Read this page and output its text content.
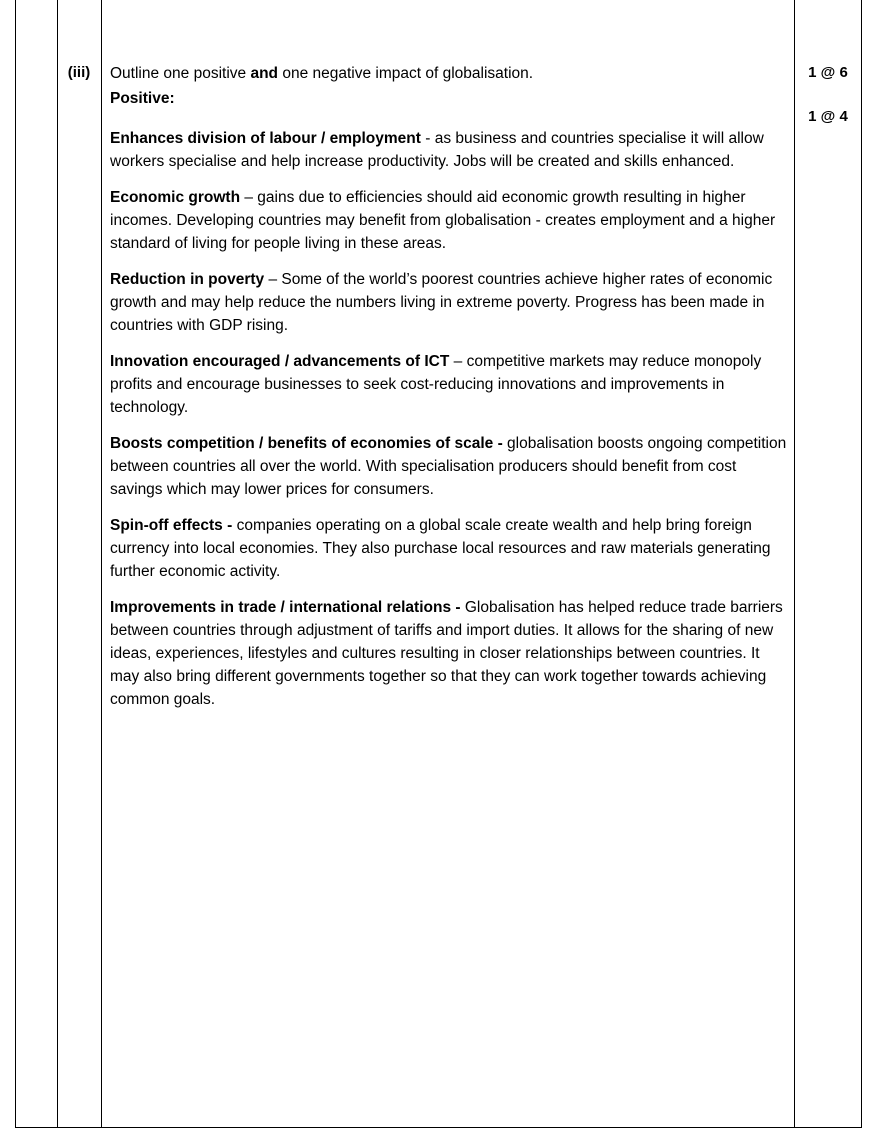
(iii)	1 @ 6
1 @ 4

Outline one positive and one negative impact of globalisation.

Positive:

Enhances division of labour / employment - as business and countries specialise it will allow workers specialise and help increase productivity. Jobs will be created and skills enhanced.

Economic growth – gains due to efficiencies should aid economic growth resulting in higher incomes. Developing countries may benefit from globalisation - creates employment and a higher standard of living for people living in these areas.

Reduction in poverty – Some of the world’s poorest countries achieve higher rates of economic growth and may help reduce the numbers living in extreme poverty. Progress has been made in countries with GDP rising.

Innovation encouraged / advancements of ICT – competitive markets may reduce monopoly profits and encourage businesses to seek cost-reducing innovations and improvements in technology.

Boosts competition / benefits of economies of scale - globalisation boosts ongoing competition between countries all over the world. With specialisation producers should benefit from cost savings which may lower prices for consumers.

Spin-off effects - companies operating on a global scale create wealth and help bring foreign currency into local economies. They also purchase local resources and raw materials generating further economic activity.

Improvements in trade / international relations - Globalisation has helped reduce trade barriers between countries through adjustment of tariffs and import duties. It allows for the sharing of new ideas, experiences, lifestyles and cultures resulting in closer relationships between countries. It may also bring different governments together so that they can work together towards achieving common goals.
